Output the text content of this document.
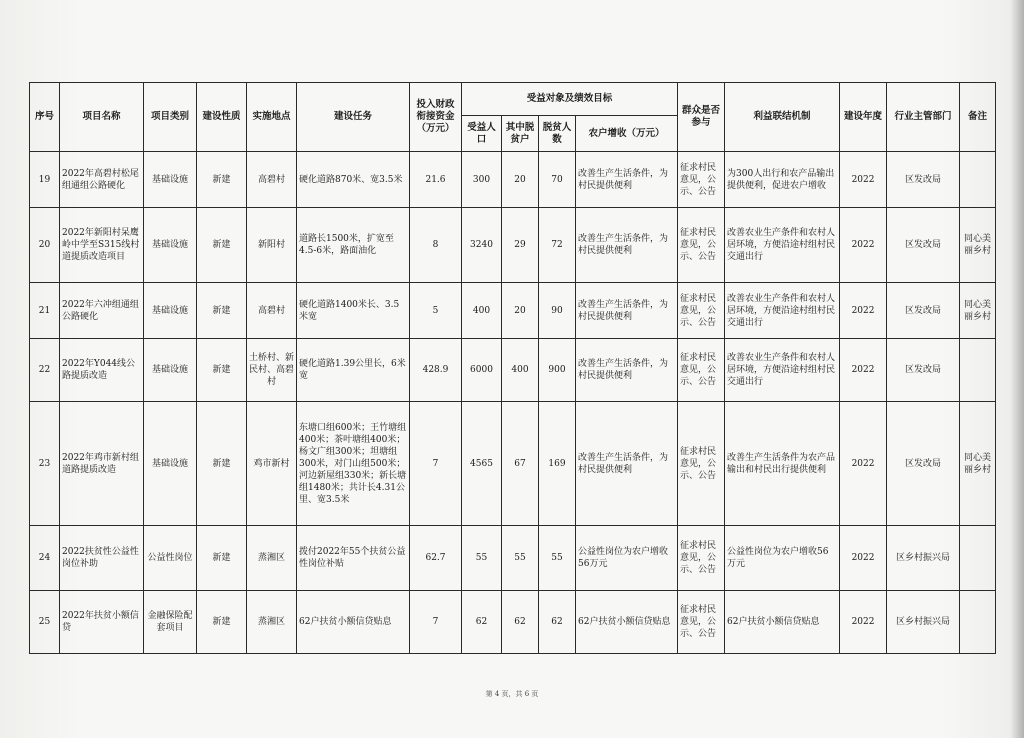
序号	项目名称	项目类别	建设性质	实施地点	建设任务	投入财政衔接资金（万元）	受益对象及绩效目标				群众是否参与	利益联结机制	建设年度	行业主管部门	备注
							受益人口	其中脱贫户	脱贫人数	农户增收（万元）					
19	2022年高碧村松尾组通组公路硬化	基础设施	新建	高碧村	硬化道路870米、宽3.5米	21.6	300	20	70	改善生产生活条件，为村民提供便利	征求村民意见，公示、公告	为300人出行和农产品输出提供便利，促进农户增收	2022	区发改局	
20	2022年新阳村呆鹰岭中学至S315线村道提质改造项目	基础设施	新建	新阳村	道路长1500米，扩宽至4.5-6米，路面油化	8	3240	29	72	改善生产生活条件，为村民提供便利	征求村民意见，公示、公告	改善农业生产条件和农村人居环境，方便沿途村组村民交通出行	2022	区发改局	同心美丽乡村
21	2022年六冲组通组公路硬化	基础设施	新建	高碧村	硬化道路1400米长、3.5米宽	5	400	20	90	改善生产生活条件，为村民提供便利	征求村民意见，公示、公告	改善农业生产条件和农村人居环境，方便沿途村组村民交通出行	2022	区发改局	同心美丽乡村
22	2022年Y044线公路提质改造	基础设施	新建	土桥村、新民村、高碧村	硬化道路1.39公里长，6米宽	428.9	6000	400	900	改善生产生活条件，为村民提供便利	征求村民意见，公示、公告	改善农业生产条件和农村人居环境，方便沿途村组村民交通出行	2022	区发改局	
23	2022年鸡市新村组道路提质改造	基础设施	新建	鸡市新村	东塘口组600米；王竹塘组400米；茶叶塘组400米；杨文广组300米；坦塘组300米，对门山组500米；河边新屋组330米；新长塘组1480米；共计长4.31公里、宽3.5米	7	4565	67	169	改善生产生活条件，为村民提供便利	征求村民意见，公示、公告	改善生产生活条件为农产品输出和村民出行提供便利	2022	区发改局	同心美丽乡村
24	2022扶贫性公益性岗位补助	公益性岗位	新建	蒸湘区	拨付2022年55个扶贫公益性岗位补贴	62.7	55	55	55	公益性岗位为农户增收56万元	征求村民意见，公示、公告	公益性岗位为农户增收56万元	2022	区乡村振兴局	
25	2022年扶贫小额信贷	金融保险配套项目	新建	蒸湘区	62户扶贫小额信贷贴息	7	62	62	62	62户扶贫小额信贷贴息	征求村民意见，公示、公告	62户扶贫小额信贷贴息	2022	区乡村振兴局	
第 4 页，共 6 页
